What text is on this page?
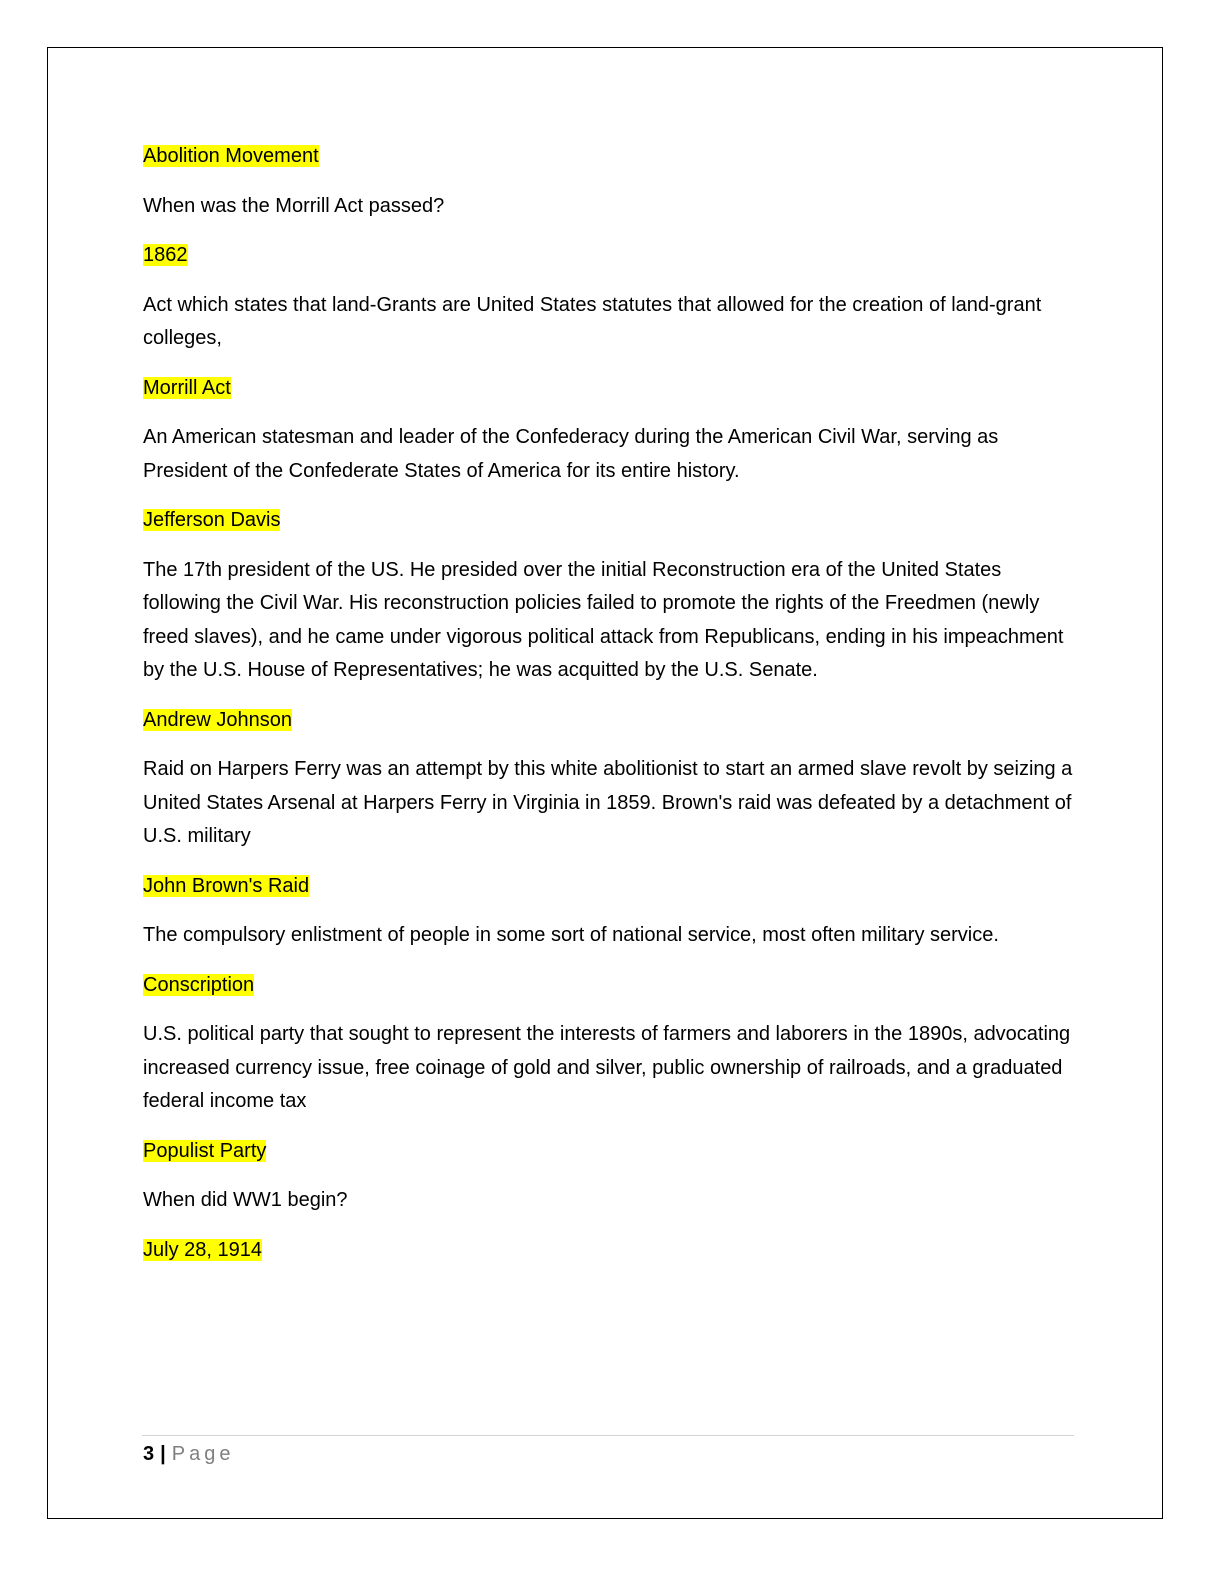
Abolition Movement

When was the Morrill Act passed?

1862

Act which states that land-Grants are United States statutes that allowed for the creation of land-grant colleges,

Morrill Act

An American statesman and leader of the Confederacy during the American Civil War, serving as President of the Confederate States of America for its entire history.

Jefferson Davis

The 17th president of the US. He presided over the initial Reconstruction era of the United States following the Civil War. His reconstruction policies failed to promote the rights of the Freedmen (newly freed slaves), and he came under vigorous political attack from Republicans, ending in his impeachment by the U.S. House of Representatives; he was acquitted by the U.S. Senate.

Andrew Johnson

Raid on Harpers Ferry was an attempt by this white abolitionist to start an armed slave revolt by seizing a United States Arsenal at Harpers Ferry in Virginia in 1859. Brown's raid was defeated by a detachment of U.S. military

John Brown's Raid

The compulsory enlistment of people in some sort of national service, most often military service.

Conscription

U.S. political party that sought to represent the interests of farmers and laborers in the 1890s, advocating increased currency issue, free coinage of gold and silver, public ownership of railroads, and a graduated federal income tax

Populist Party

When did WW1 begin?

July 28, 1914

3 | Page
